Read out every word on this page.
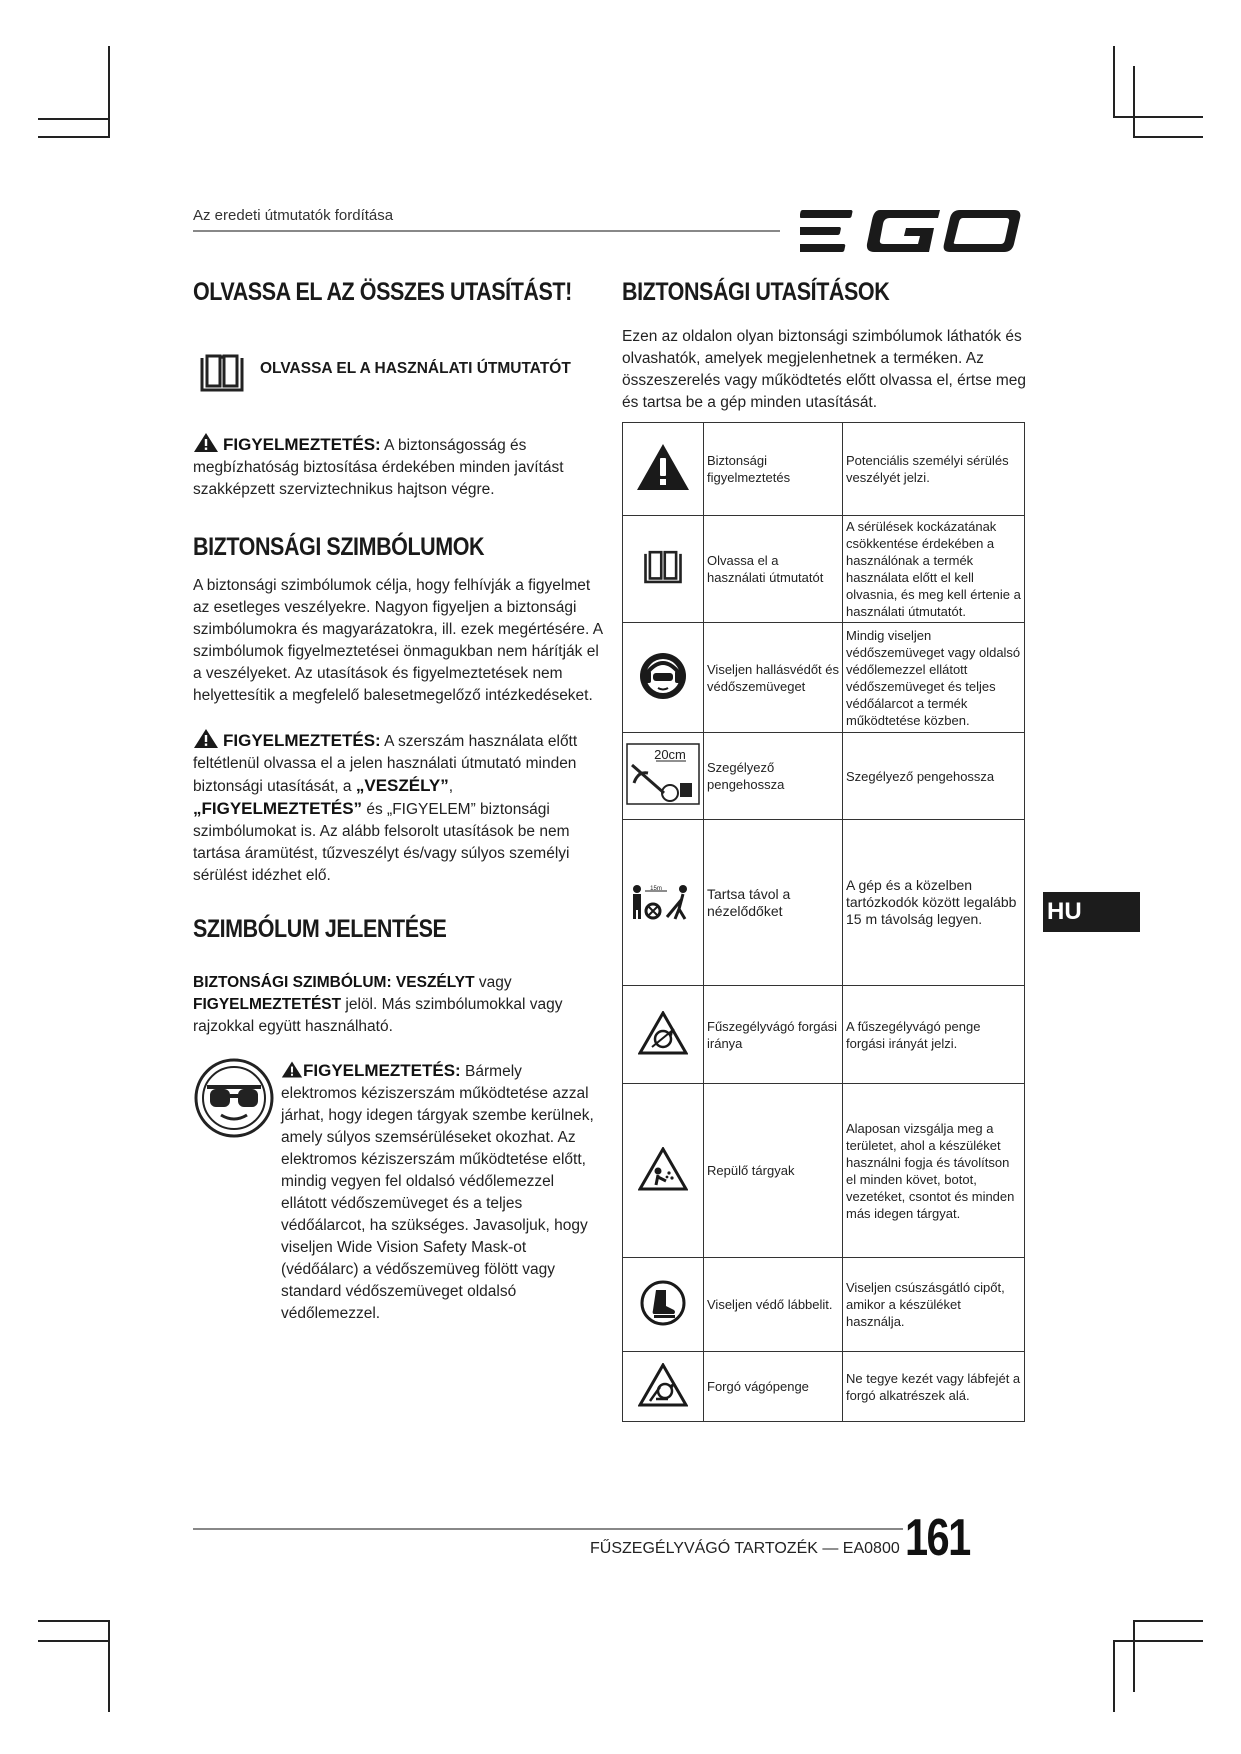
Az eredeti útmutatók fordítása
OLVASSA EL AZ ÖSSZES UTASÍTÁST!
OLVASSA EL A HASZNÁLATI ÚTMUTATÓT
FIGYELMEZTETÉS: A biztonságosság és megbízhatóság biztosítása érdekében minden javítást szakképzett szerviztechnikus hajtson végre.
BIZTONSÁGI SZIMBÓLUMOK
A biztonsági szimbólumok célja, hogy felhívják a figyelmet az esetleges veszélyekre. Nagyon figyeljen a biztonsági szimbólumokra és magyarázatokra, ill. ezek megértésére. A szimbólumok figyelmeztetései önmagukban nem hárítják el a veszélyeket. Az utasítások és figyelmeztetések nem helyettesítik a megfelelő balesetmegelőző intézkedéseket.
FIGYELMEZTETÉS: A szerszám használata előtt feltétlenül olvassa el a jelen használati útmutató minden biztonsági utasítását, a „VESZÉLY”, „FIGYELMEZTETÉS” és „FIGYELEM” biztonsági szimbólumokat is. Az alább felsorolt utasítások be nem tartása áramütést, tűzveszélyt és/vagy súlyos személyi sérülést idézhet elő.
SZIMBÓLUM JELENTÉSE
BIZTONSÁGI SZIMBÓLUM: VESZÉLYT vagy FIGYELMEZTETÉST jelöl. Más szimbólumokkal vagy rajzokkal együtt használható.
FIGYELMEZTETÉS: Bármely elektromos kéziszerszám működtetése azzal járhat, hogy idegen tárgyak szembe kerülnek, amely súlyos szemsérüléseket okozhat. Az elektromos kéziszerszám működtetése előtt, mindig vegyen fel oldalsó védőlemezzel ellátott védőszemüveget és a teljes védőálarcot, ha szükséges. Javasoljuk, hogy viseljen Wide Vision Safety Mask-ot (védőálarc) a védőszemüveg fölött vagy standard védőszemüveget oldalsó védőlemezzel.
BIZTONSÁGI UTASÍTÁSOK
Ezen az oldalon olyan biztonsági szimbólumok láthatók és olvashatók, amelyek megjelenhetnek a terméken. Az összeszerelés vagy működtetés előtt olvassa el, értse meg és tartsa be a gép minden utasítását.
	Biztonsági figyelmeztetés	Potenciális személyi sérülés veszélyét jelzi.
	Olvassa el a használati útmutatót	A sérülések kockázatának csökkentése érdekében a használónak a termék használata előtt el kell olvasnia, és meg kell értenie a használati útmutatót.
	Viseljen hallásvédőt és védőszemüveget	Mindig viseljen védőszemüveget vagy oldalsó védőlemezzel ellátott védőszemüveget és teljes védőálarcot a termék működtetése közben.

20cm	Szegélyező pengehossza	Szegélyező pengehossza

15m	Tartsa távol a nézelődőket	A gép és a közelben tartózkodók között legalább 15 m távolság legyen.
	Fűszegélyvágó forgási iránya	A fűszegélyvágó penge forgási irányát jelzi.
	Repülő tárgyak	Alaposan vizsgálja meg a területet, ahol a készüléket használni fogja és távolítson el minden követ, botot, vezetéket, csontot és minden más idegen tárgyat.
	Viseljen védő lábbelit.	Viseljen csúszásgátló cipőt, amikor a készüléket használja.
	Forgó vágópenge	Ne tegye kezét vagy lábfejét a forgó alkatrészek alá.
HU
FŰSZEGÉLYVÁGÓ TARTOZÉK — EA0800 161
